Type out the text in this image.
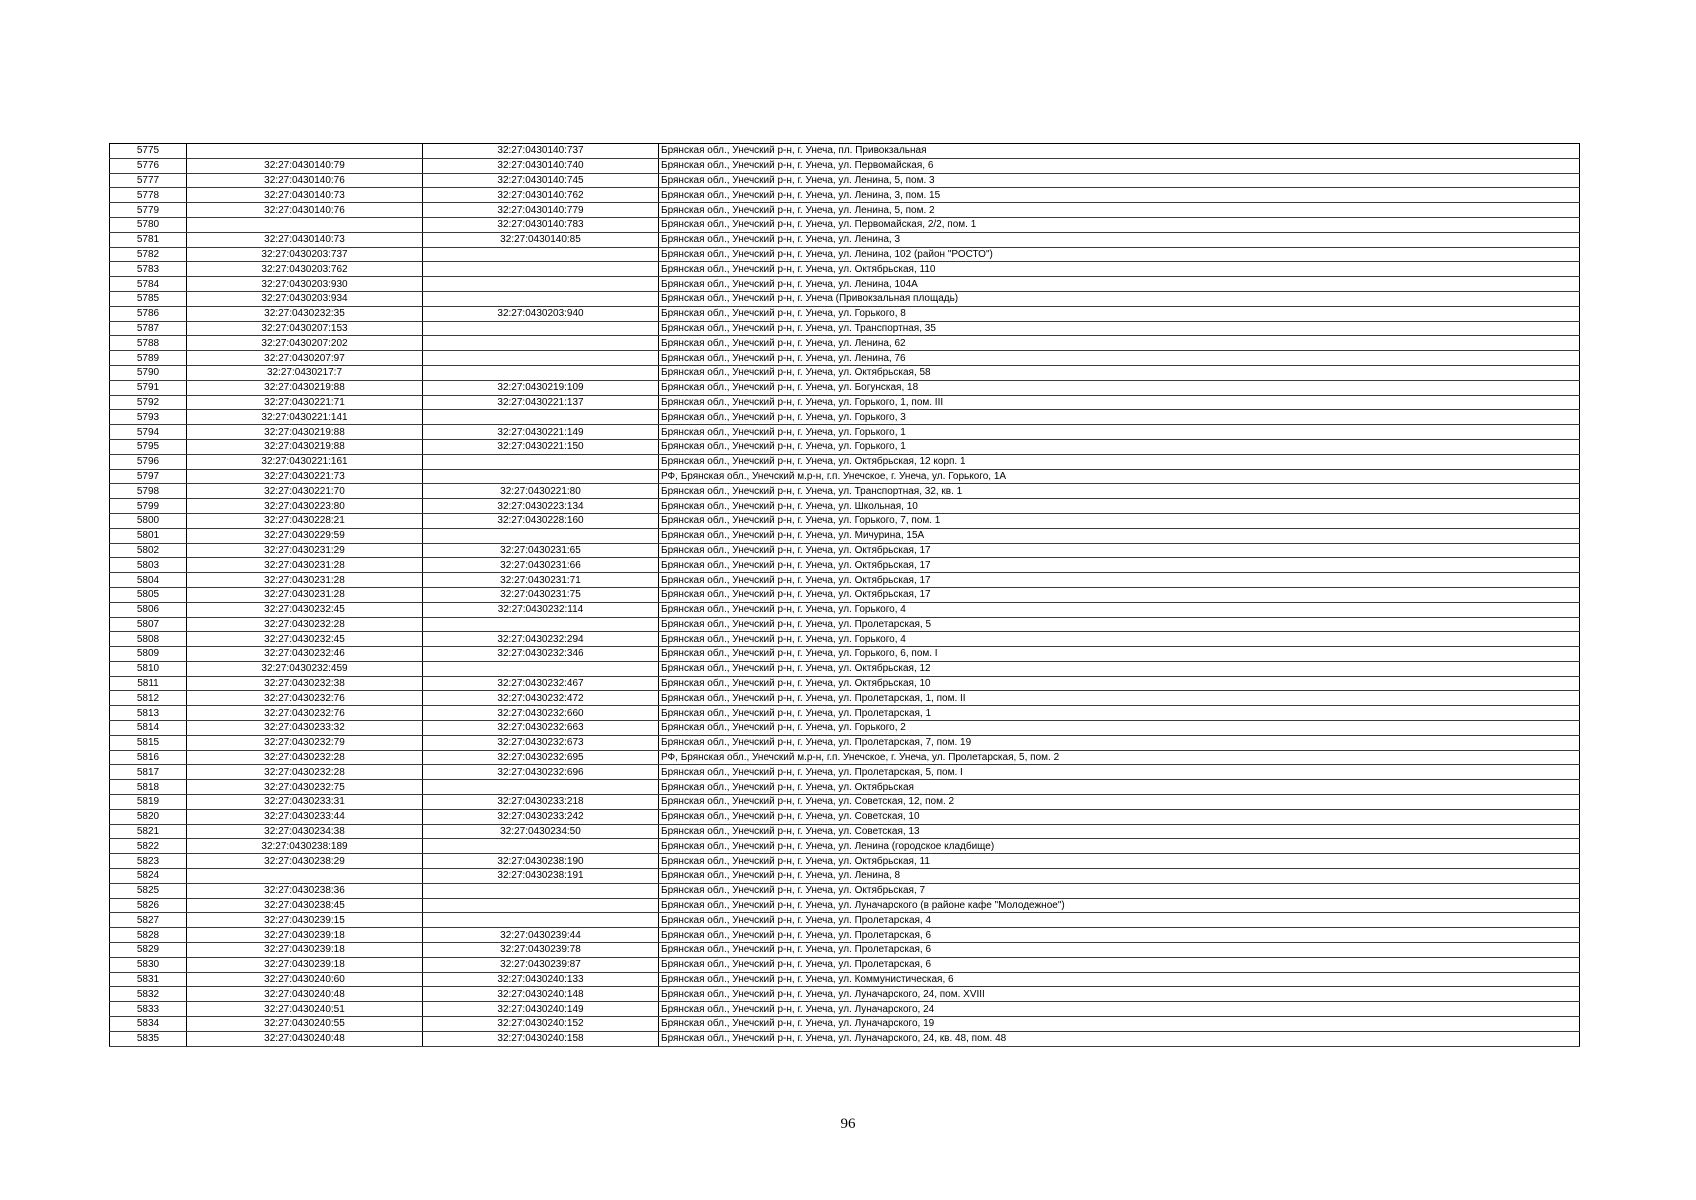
5775		32:27:0430140:737	Брянская обл., Унечский р-н, г. Унеча, пл. Привокзальная
5776	32:27:0430140:79	32:27:0430140:740	Брянская обл., Унечский р-н, г. Унеча, ул. Первомайская, 6
5777	32:27:0430140:76	32:27:0430140:745	Брянская обл., Унечский р-н, г. Унеча, ул. Ленина, 5, пом. 3
5778	32:27:0430140:73	32:27:0430140:762	Брянская обл., Унечский р-н, г. Унеча, ул. Ленина, 3, пом. 15
5779	32:27:0430140:76	32:27:0430140:779	Брянская обл., Унечский р-н, г. Унеча, ул. Ленина, 5, пом. 2
5780		32:27:0430140:783	Брянская обл., Унечский р-н, г. Унеча, ул. Первомайская, 2/2, пом. 1
5781	32:27:0430140:73	32:27:0430140:85	Брянская обл., Унечский р-н, г. Унеча, ул. Ленина, 3
5782	32:27:0430203:737		Брянская обл., Унечский р-н, г. Унеча, ул. Ленина, 102 (район "РОСТО")
5783	32:27:0430203:762		Брянская обл., Унечский р-н, г. Унеча, ул. Октябрьская, 110
5784	32:27:0430203:930		Брянская обл., Унечский р-н, г. Унеча, ул. Ленина, 104А
5785	32:27:0430203:934		Брянская обл., Унечский р-н, г. Унеча (Привокзальная площадь)
5786	32:27:0430232:35	32:27:0430203:940	Брянская обл., Унечский р-н, г. Унеча, ул. Горького, 8
5787	32:27:0430207:153		Брянская обл., Унечский р-н, г. Унеча, ул. Транспортная, 35
5788	32:27:0430207:202		Брянская обл., Унечский р-н, г. Унеча, ул. Ленина, 62
5789	32:27:0430207:97		Брянская обл., Унечский р-н, г. Унеча, ул. Ленина, 76
5790	32:27:0430217:7		Брянская обл., Унечский р-н, г. Унеча, ул. Октябрьская, 58
5791	32:27:0430219:88	32:27:0430219:109	Брянская обл., Унечский р-н, г. Унеча, ул. Богунская, 18
5792	32:27:0430221:71	32:27:0430221:137	Брянская обл., Унечский р-н, г. Унеча, ул. Горького, 1, пом. III
5793	32:27:0430221:141		Брянская обл., Унечский р-н, г. Унеча, ул. Горького, 3
5794	32:27:0430219:88	32:27:0430221:149	Брянская обл., Унечский р-н, г. Унеча, ул. Горького, 1
5795	32:27:0430219:88	32:27:0430221:150	Брянская обл., Унечский р-н, г. Унеча, ул. Горького, 1
5796	32:27:0430221:161		Брянская обл., Унечский р-н, г. Унеча, ул. Октябрьская, 12 корп. 1
5797	32:27:0430221:73		РФ, Брянская обл., Унечский м.р-н, г.п. Унечское, г. Унеча, ул. Горького, 1А
5798	32:27:0430221:70	32:27:0430221:80	Брянская обл., Унечский р-н, г. Унеча, ул. Транспортная, 32, кв. 1
5799	32:27:0430223:80	32:27:0430223:134	Брянская обл., Унечский р-н, г. Унеча, ул. Школьная, 10
5800	32:27:0430228:21	32:27:0430228:160	Брянская обл., Унечский р-н, г. Унеча, ул. Горького, 7, пом. 1
5801	32:27:0430229:59		Брянская обл., Унечский р-н, г. Унеча, ул. Мичурина, 15А
5802	32:27:0430231:29	32:27:0430231:65	Брянская обл., Унечский р-н, г. Унеча, ул. Октябрьская, 17
5803	32:27:0430231:28	32:27:0430231:66	Брянская обл., Унечский р-н, г. Унеча, ул. Октябрьская, 17
5804	32:27:0430231:28	32:27:0430231:71	Брянская обл., Унечский р-н, г. Унеча, ул. Октябрьская, 17
5805	32:27:0430231:28	32:27:0430231:75	Брянская обл., Унечский р-н, г. Унеча, ул. Октябрьская, 17
5806	32:27:0430232:45	32:27:0430232:114	Брянская обл., Унечский р-н, г. Унеча, ул. Горького, 4
5807	32:27:0430232:28		Брянская обл., Унечский р-н, г. Унеча, ул. Пролетарская, 5
5808	32:27:0430232:45	32:27:0430232:294	Брянская обл., Унечский р-н, г. Унеча, ул. Горького, 4
5809	32:27:0430232:46	32:27:0430232:346	Брянская обл., Унечский р-н, г. Унеча, ул. Горького, 6, пом. I
5810	32:27:0430232:459		Брянская обл., Унечский р-н, г. Унеча, ул. Октябрьская, 12
5811	32:27:0430232:38	32:27:0430232:467	Брянская обл., Унечский р-н, г. Унеча, ул. Октябрьская, 10
5812	32:27:0430232:76	32:27:0430232:472	Брянская обл., Унечский р-н, г. Унеча, ул. Пролетарская, 1, пом. II
5813	32:27:0430232:76	32:27:0430232:660	Брянская обл., Унечский р-н, г. Унеча, ул. Пролетарская, 1
5814	32:27:0430233:32	32:27:0430232:663	Брянская обл., Унечский р-н, г. Унеча, ул. Горького, 2
5815	32:27:0430232:79	32:27:0430232:673	Брянская обл., Унечский р-н, г. Унеча, ул. Пролетарская, 7, пом. 19
5816	32:27:0430232:28	32:27:0430232:695	РФ, Брянская обл., Унечский м.р-н, г.п. Унечское, г. Унеча, ул. Пролетарская, 5, пом. 2
5817	32:27:0430232:28	32:27:0430232:696	Брянская обл., Унечский р-н, г. Унеча, ул. Пролетарская, 5, пом. I
5818	32:27:0430232:75		Брянская обл., Унечский р-н, г. Унеча, ул. Октябрьская
5819	32:27:0430233:31	32:27:0430233:218	Брянская обл., Унечский р-н, г. Унеча, ул. Советская, 12, пом. 2
5820	32:27:0430233:44	32:27:0430233:242	Брянская обл., Унечский р-н, г. Унеча, ул. Советская, 10
5821	32:27:0430234:38	32:27:0430234:50	Брянская обл., Унечский р-н, г. Унеча, ул. Советская, 13
5822	32:27:0430238:189		Брянская обл., Унечский р-н, г. Унеча, ул. Ленина (городское кладбище)
5823	32:27:0430238:29	32:27:0430238:190	Брянская обл., Унечский р-н, г. Унеча, ул. Октябрьская, 11
5824		32:27:0430238:191	Брянская обл., Унечский р-н, г. Унеча, ул. Ленина, 8
5825	32:27:0430238:36		Брянская обл., Унечский р-н, г. Унеча, ул. Октябрьская, 7
5826	32:27:0430238:45		Брянская обл., Унечский р-н, г. Унеча, ул. Луначарского (в районе кафе "Молодежное")
5827	32:27:0430239:15		Брянская обл., Унечский р-н, г. Унеча, ул. Пролетарская, 4
5828	32:27:0430239:18	32:27:0430239:44	Брянская обл., Унечский р-н, г. Унеча, ул. Пролетарская, 6
5829	32:27:0430239:18	32:27:0430239:78	Брянская обл., Унечский р-н, г. Унеча, ул. Пролетарская, 6
5830	32:27:0430239:18	32:27:0430239:87	Брянская обл., Унечский р-н, г. Унеча, ул. Пролетарская, 6
5831	32:27:0430240:60	32:27:0430240:133	Брянская обл., Унечский р-н, г. Унеча, ул. Коммунистическая, 6
5832	32:27:0430240:48	32:27:0430240:148	Брянская обл., Унечский р-н, г. Унеча, ул. Луначарского, 24, пом. XVIII
5833	32:27:0430240:51	32:27:0430240:149	Брянская обл., Унечский р-н, г. Унеча, ул. Луначарского, 24
5834	32:27:0430240:55	32:27:0430240:152	Брянская обл., Унечский р-н, г. Унеча, ул. Луначарского, 19
5835	32:27:0430240:48	32:27:0430240:158	Брянская обл., Унечский р-н, г. Унеча, ул. Луначарского, 24, кв. 48, пом. 48
96
